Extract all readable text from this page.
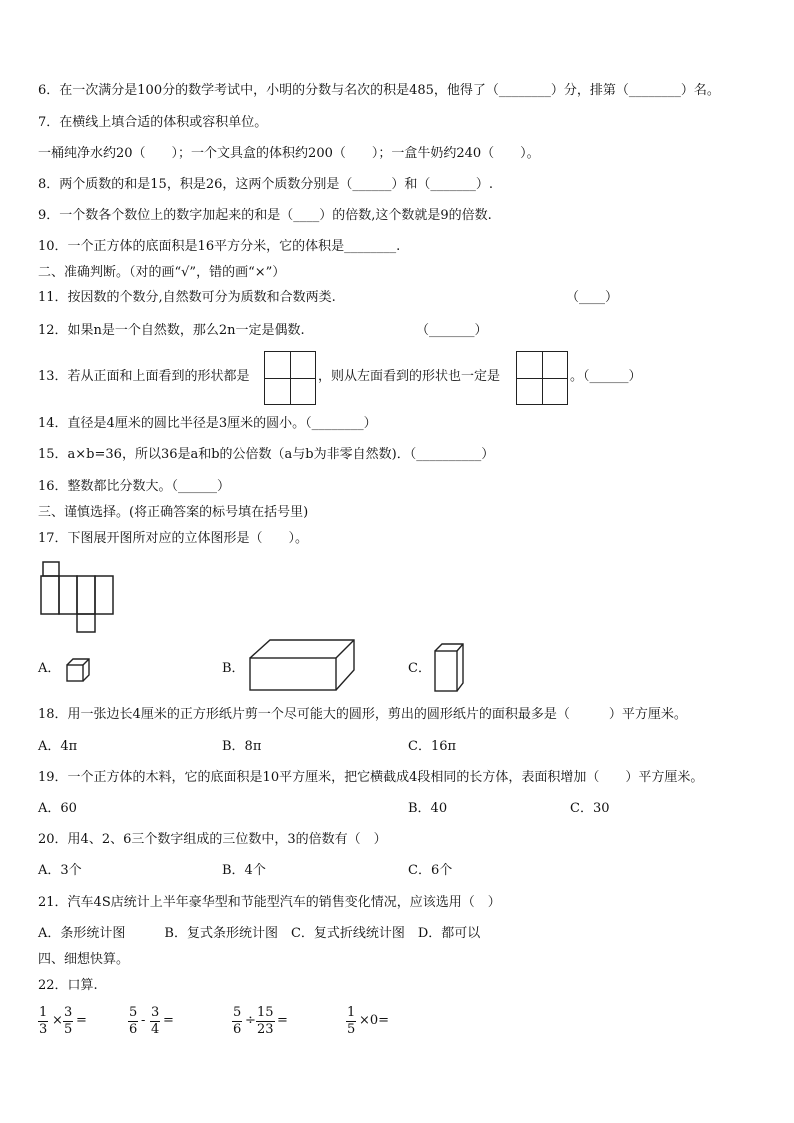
6．在一次满分是100分的数学考试中，小明的分数与名次的积是485，他得了（________）分，排第（________）名。
7．在横线上填合适的体积或容积单位。
一桶纯净水约20（　　）；一个文具盒的体积约200（　　）；一盒牛奶约240（　　）。
8．两个质数的和是15，积是26，这两个质数分别是（______）和（_______）.
9．一个数各个数位上的数字加起来的和是（____）的倍数,这个数就是9的倍数.
10．一个正方体的底面积是16平方分米，它的体积是________.
二、准确判断。（对的画“√”，错的画“×”）
11．按因数的个数分,自然数可分为质数和合数两类.	（____）
12．如果n是一个自然数，那么2n一定是偶数.	（_______）
13．若从正面和上面看到的形状都是	，则从左面看到的形状也一定是	。（______）
14．直径是4厘米的圆比半径是3厘米的圆小。（________）
15．a×b=36，所以36是a和b的公倍数（a与b为非零自然数)．（__________）
16．整数都比分数大。（______）
三、谨慎选择。(将正确答案的标号填在括号里)
17．下图展开图所对应的立体图形是（　　）。
A．	B．	C．
18．用一张边长4厘米的正方形纸片剪一个尽可能大的圆形，剪出的圆形纸片的面积最多是（　　　）平方厘米。
A．4π	B．8π	C．16π
19．一个正方体的木料，它的底面积是10平方厘米，把它横截成4段相同的长方体，表面积增加（　　）平方厘米。
A．60	B．40	C．30
20．用4、2、6三个数字组成的三位数中，3的倍数有（　）
A．3个	B．4个	C．6个
21．汽车4S店统计上半年豪华型和节能型汽车的销售变化情况，应该选用（　）
A．条形统计图　　　B．复式条形统计图　C．复式折线统计图　D．都可以
四、细想快算。
22．口算.
$\frac{1}{3} \times \frac{3}{5}$ =	$\frac{5}{6} - \frac{3}{4}$ =	$\frac{5}{6} \div \frac{15}{23}$ =	$\frac{1}{5} \times 0=$
